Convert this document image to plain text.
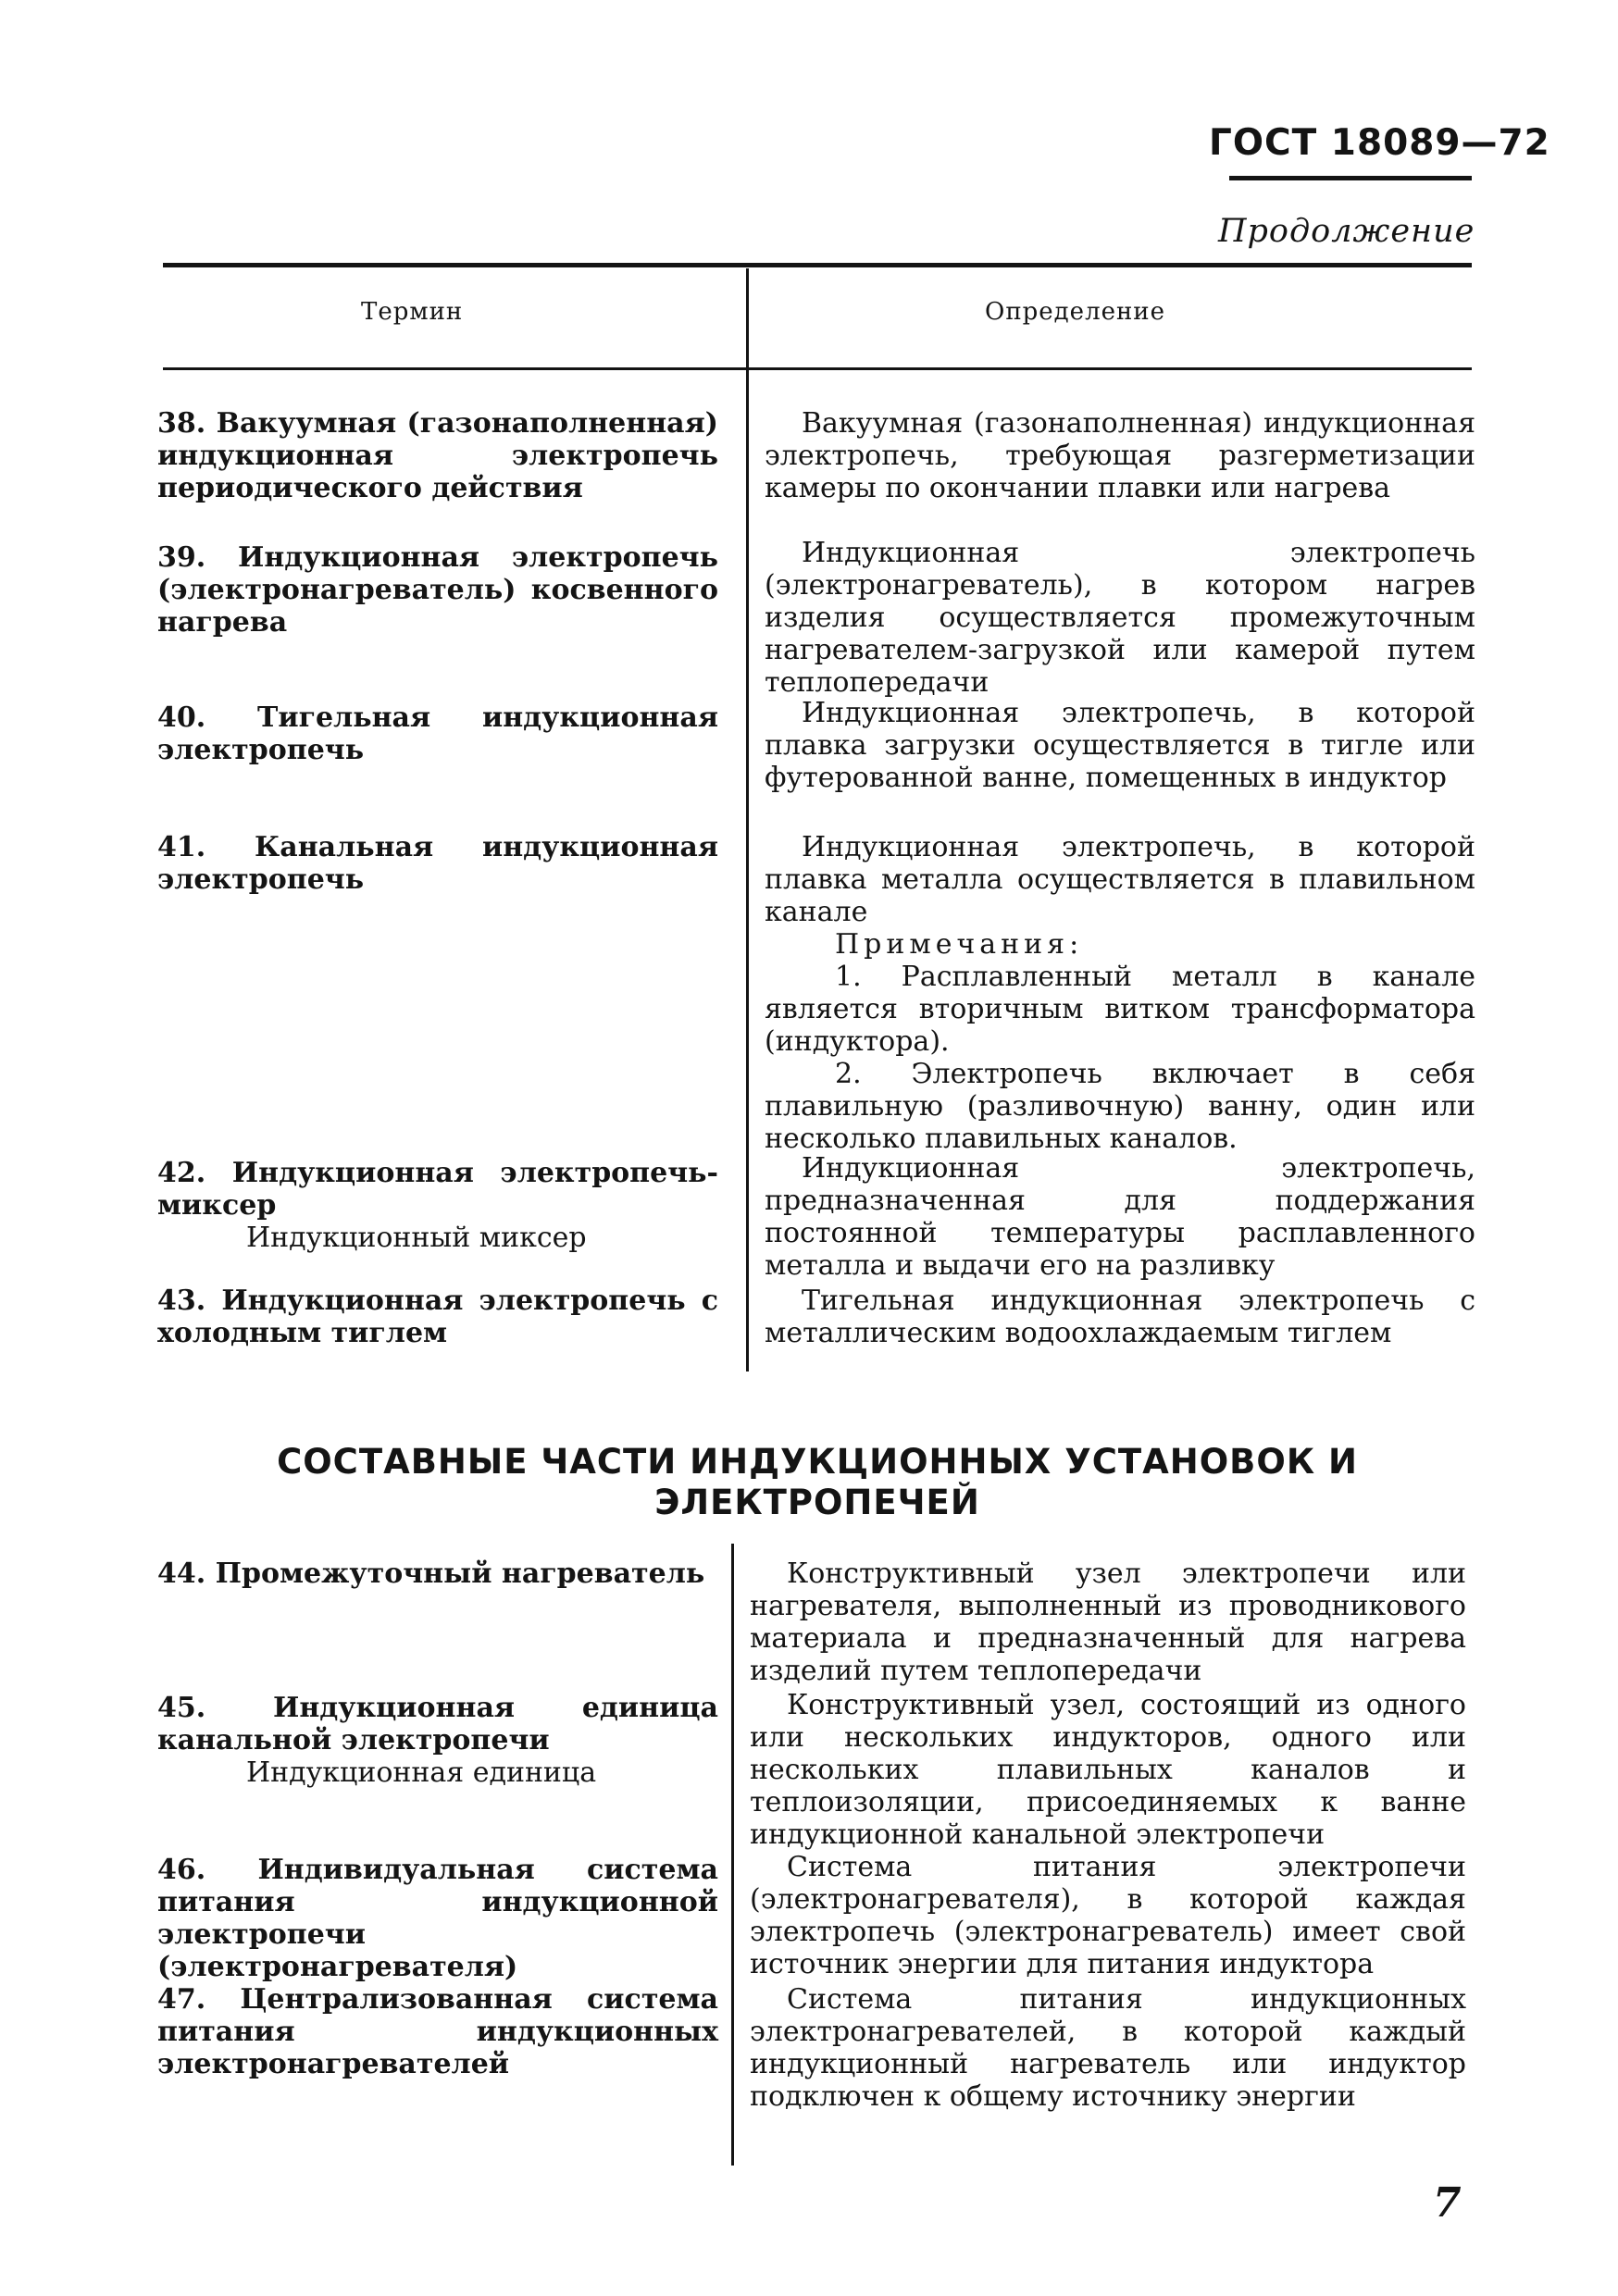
ГОСТ 18089—72
Продолжение
Термин	Определение

38. Вакуумная (газонаполненная) индукционная электропечь периодического действия

Вакуумная (газонаполненная) индукционная электропечь, требующая разгерметизации камеры по окончании плавки или нагрева

39. Индукционная электропечь (электронагреватель) косвенного нагрева

Индукционная электропечь (электронагреватель), в котором нагрев изделия осуществляется промежуточным нагревателем-загрузкой или камерой путем теплопередачи

40. Тигельная индукционная электропечь

Индукционная электропечь, в которой плавка загрузки осуществляется в тигле или футерованной ванне, помещенных в индуктор

41. Канальная индукционная электропечь

Индукционная электропечь, в которой плавка металла осуществляется в плавильном канале

Примечания:

1. Расплавленный металл в канале является вторичным витком трансформатора (индуктора).

2. Электропечь включает в себя плавильную (разливочную) ванну, один или несколько плавильных каналов.

42. Индукционная электропечь-миксер
Индукционный миксер

Индукционная электропечь, предназначенная для поддержания постоянной температуры расплавленного металла и выдачи его на разливку

43. Индукционная электропечь с холодным тиглем

Тигельная индукционная электропечь с металлическим водоохлаждаемым тиглем

СОСТАВНЫЕ ЧАСТИ ИНДУКЦИОННЫХ УСТАНОВОК И ЭЛЕКТРОПЕЧЕЙ

44. Промежуточный нагреватель	Конструктивный узел электропечи или нагревателя, выполненный из проводникового материала и предназначенный для нагрева изделий путем теплопередачи

45. Индукционная единица канальной электропечи
Индукционная единица

Конструктивный узел, состоящий из одного или нескольких индукторов, одного или нескольких плавильных каналов и теплоизоляции, присоединяемых к ванне индукционной канальной электропечи

46. Индивидуальная система питания индукционной электропечи (электронагревателя)

Система питания электропечи (электронагревателя), в которой каждая электропечь (электронагреватель) имеет свой источник энергии для питания индуктора

47. Централизованная система питания индукционных электронагревателей

Система питания индукционных электронагревателей, в которой каждый индукционный нагреватель или индуктор подключен к общему источнику энергии

7
